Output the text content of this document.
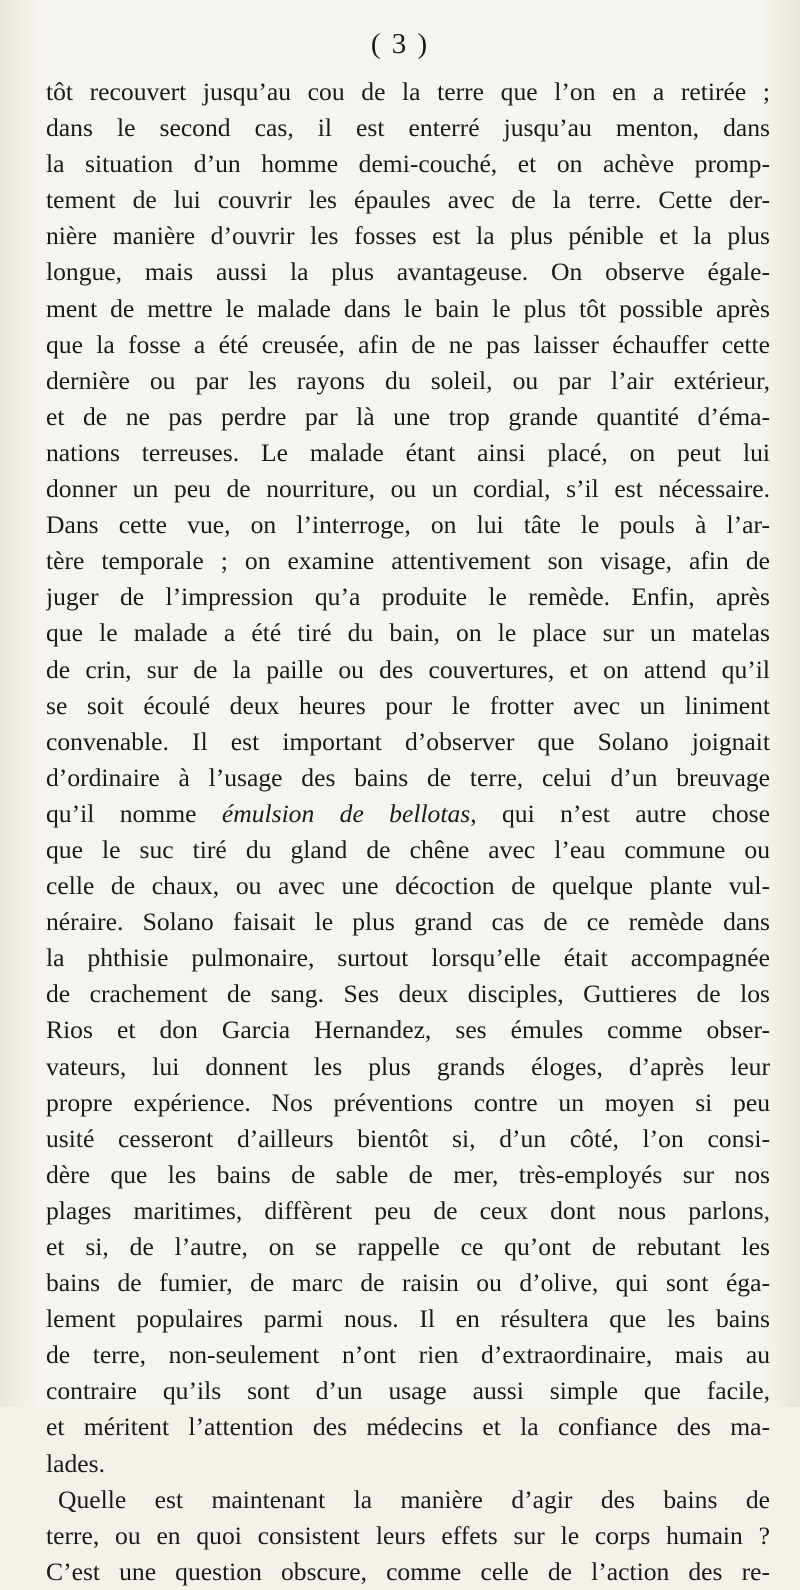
( 3 )
tôt recouvert jusqu’au cou de la terre que l’on en a retirée ;
dans le second cas, il est enterré jusqu’au menton, dans
la situation d’un homme demi-couché, et on achève promp-
tement de lui couvrir les épaules avec de la terre. Cette der-
nière manière d’ouvrir les fosses est la plus pénible et la plus
longue, mais aussi la plus avantageuse. On observe égale-
ment de mettre le malade dans le bain le plus tôt possible après
que la fosse a été creusée, afin de ne pas laisser échauffer cette
dernière ou par les rayons du soleil, ou par l’air extérieur,
et de ne pas perdre par là une trop grande quantité d’éma-
nations terreuses. Le malade étant ainsi placé, on peut lui
donner un peu de nourriture, ou un cordial, s’il est nécessaire.
Dans cette vue, on l’interroge, on lui tâte le pouls à l’ar-
tère temporale ; on examine attentivement son visage, afin de
juger de l’impression qu’a produite le remède. Enfin, après
que le malade a été tiré du bain, on le place sur un matelas
de crin, sur de la paille ou des couvertures, et on attend qu’il
se soit écoulé deux heures pour le frotter avec un liniment
convenable. Il est important d’observer que Solano joignait
d’ordinaire à l’usage des bains de terre, celui d’un breuvage
qu’il nomme émulsion de bellotas, qui n’est autre chose
que le suc tiré du gland de chêne avec l’eau commune ou
celle de chaux, ou avec une décoction de quelque plante vul-
néraire. Solano faisait le plus grand cas de ce remède dans
la phthisie pulmonaire, surtout lorsqu’elle était accompagnée
de crachement de sang. Ses deux disciples, Guttieres de los
Rios et don Garcia Hernandez, ses émules comme obser-
vateurs, lui donnent les plus grands éloges, d’après leur
propre expérience. Nos préventions contre un moyen si peu
usité cesseront d’ailleurs bientôt si, d’un côté, l’on consi-
dère que les bains de sable de mer, très-employés sur nos
plages maritimes, diffèrent peu de ceux dont nous parlons,
et si, de l’autre, on se rappelle ce qu’ont de rebutant les
bains de fumier, de marc de raisin ou d’olive, qui sont éga-
lement populaires parmi nous. Il en résultera que les bains
de terre, non-seulement n’ont rien d’extraordinaire, mais au
contraire qu’ils sont d’un usage aussi simple que facile,
et méritent l’attention des médecins et la confiance des ma-
lades.
Quelle est maintenant la manière d’agir des bains de
terre, ou en quoi consistent leurs effets sur le corps humain ?
C’est une question obscure, comme celle de l’action des re-
